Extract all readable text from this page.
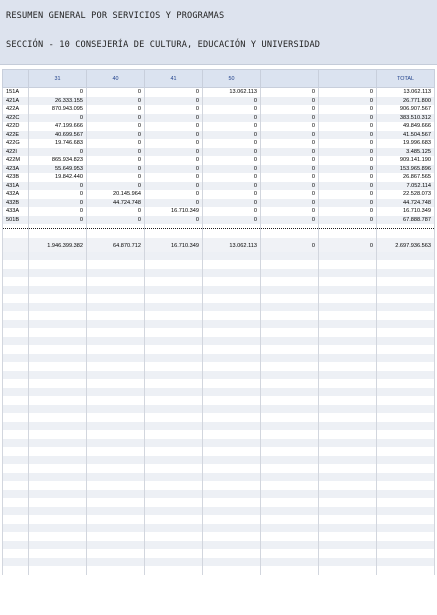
RESUMEN GENERAL POR SERVICIOS Y PROGRAMAS
SECCIÓN - 10 CONSEJERÍA DE CULTURA, EDUCACIÓN Y UNIVERSIDAD
	31	40	41	50			TOTAL
151A	0	0	0	13.062.113	0	0	13.062.113
421A	26.333.155	0	0	0	0	0	26.771.800
422A	870.943.095	0	0	0	0	0	906.907.567
422C	0	0	0	0	0	0	383.510.312
422D	47.199.666	0	0	0	0	0	49.849.666
422E	40.699.567	0	0	0	0	0	41.504.567
422G	19.746.683	0	0	0	0	0	19.996.683
422I	0	0	0	0	0	0	3.485.125
422M	865.934.823	0	0	0	0	0	909.141.190
423A	55.649.953	0	0	0	0	0	153.965.896
423B	19.842.440	0	0	0	0	0	26.867.565
431A	0	0	0	0	0	0	7.052.114
432A	0	20.145.964	0	0	0	0	22.528.073
432B	0	44.724.748	0	0	0	0	44.724.748
433A	0	0	16.710.349	0	0	0	16.710.349
501B	0	0	0	0	0	0	67.888.787

	1.946.399.382	64.870.712	16.710.349	13.062.113	0	0	2.697.936.563
